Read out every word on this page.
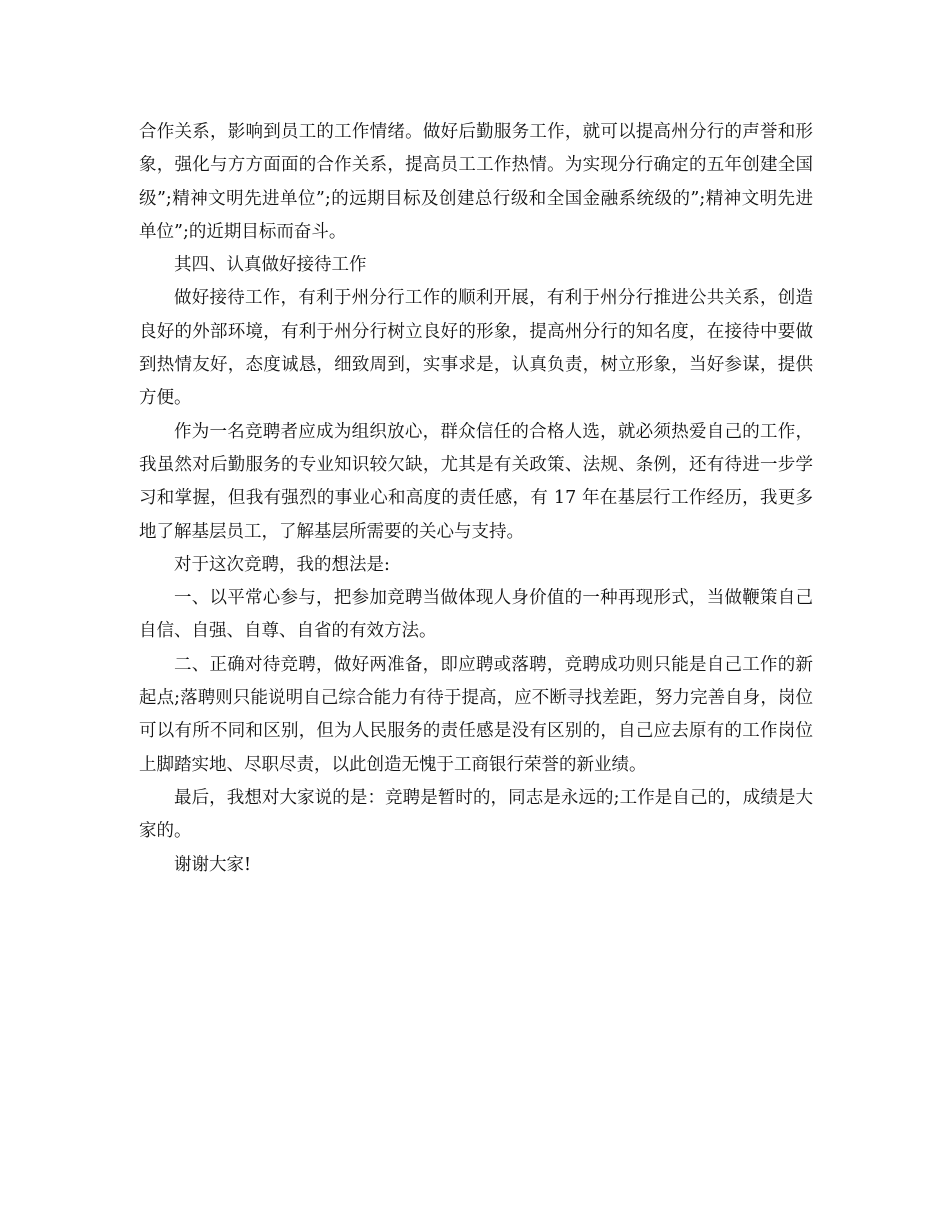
合作关系，影响到员工的工作情绪。做好后勤服务工作，就可以提高州分行的声誉和形象，强化与方方面面的合作关系，提高员工工作热情。为实现分行确定的五年创建全国级”;精神文明先进单位”;的远期目标及创建总行级和全国金融系统级的”;精神文明先进单位”;的近期目标而奋斗。

其四、认真做好接待工作

做好接待工作，有利于州分行工作的顺利开展，有利于州分行推进公共关系，创造良好的外部环境，有利于州分行树立良好的形象，提高州分行的知名度，在接待中要做到热情友好，态度诚恳，细致周到，实事求是，认真负责，树立形象，当好参谋，提供方便。

作为一名竞聘者应成为组织放心，群众信任的合格人选，就必须热爱自己的工作，我虽然对后勤服务的专业知识较欠缺，尤其是有关政策、法规、条例，还有待进一步学习和掌握，但我有强烈的事业心和高度的责任感，有 17 年在基层行工作经历，我更多地了解基层员工，了解基层所需要的关心与支持。

对于这次竞聘，我的想法是:

一、以平常心参与，把参加竞聘当做体现人身价值的一种再现形式，当做鞭策自己自信、自强、自尊、自省的有效方法。

二、正确对待竞聘，做好两准备，即应聘或落聘，竞聘成功则只能是自己工作的新起点;落聘则只能说明自己综合能力有待于提高，应不断寻找差距，努力完善自身，岗位可以有所不同和区别，但为人民服务的责任感是没有区别的，自己应去原有的工作岗位上脚踏实地、尽职尽责，以此创造无愧于工商银行荣誉的新业绩。

最后，我想对大家说的是：竞聘是暂时的，同志是永远的;工作是自己的，成绩是大家的。

谢谢大家!
